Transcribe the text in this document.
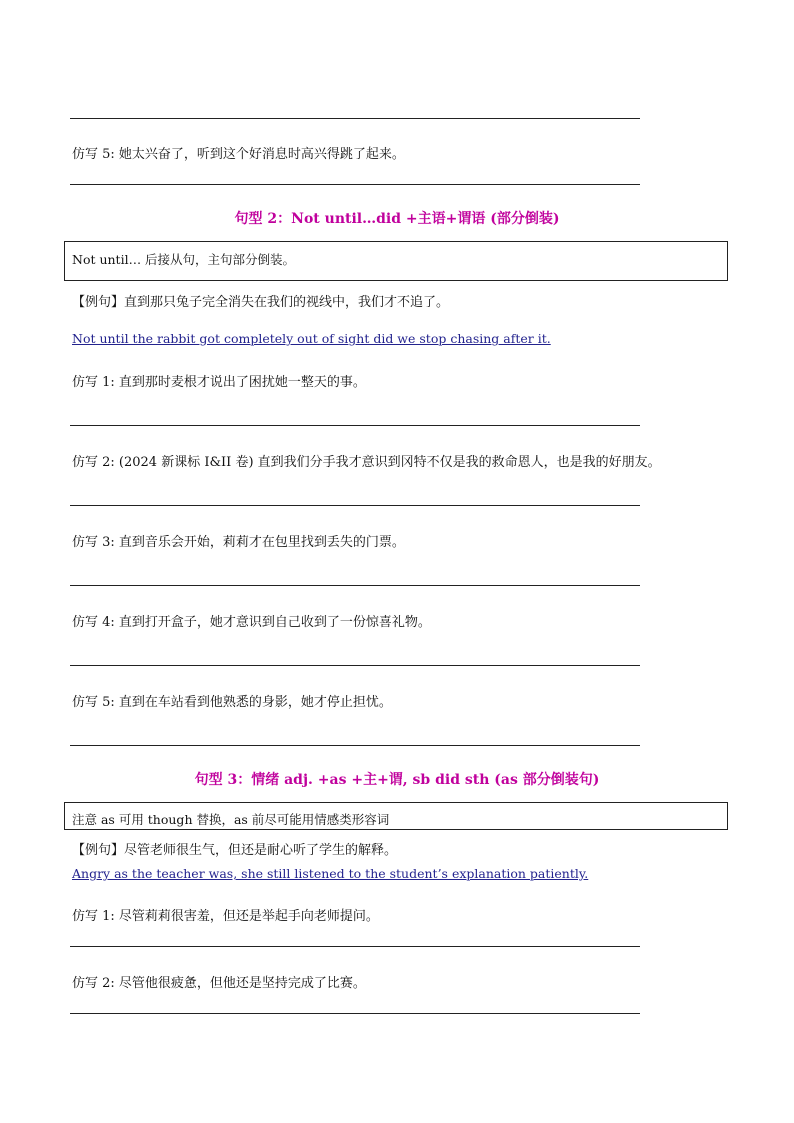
仿写 5: 她太兴奋了，听到这个好消息时高兴得跳了起来。
句型 2：Not until…did +主语+谓语 (部分倒装)
Not until… 后接从句，主句部分倒装。
【例句】直到那只兔子完全消失在我们的视线中，我们才不追了。
Not until the rabbit got completely out of sight did we stop chasing after it.
仿写 1: 直到那时麦根才说出了困扰她一整天的事。
仿写 2: (2024 新课标 I&II 卷) 直到我们分手我才意识到冈特不仅是我的救命恩人，也是我的好朋友。
仿写 3: 直到音乐会开始，莉莉才在包里找到丢失的门票。
仿写 4: 直到打开盒子，她才意识到自己收到了一份惊喜礼物。
仿写 5: 直到在车站看到他熟悉的身影，她才停止担忧。
句型 3：情绪 adj. +as +主+谓, sb did sth (as 部分倒装句)
注意 as 可用 though 替换，as 前尽可能用情感类形容词
【例句】尽管老师很生气，但还是耐心听了学生的解释。
Angry as the teacher was, she still listened to the student’s explanation patiently.
仿写 1: 尽管莉莉很害羞，但还是举起手向老师提问。
仿写 2: 尽管他很疲惫，但他还是坚持完成了比赛。
